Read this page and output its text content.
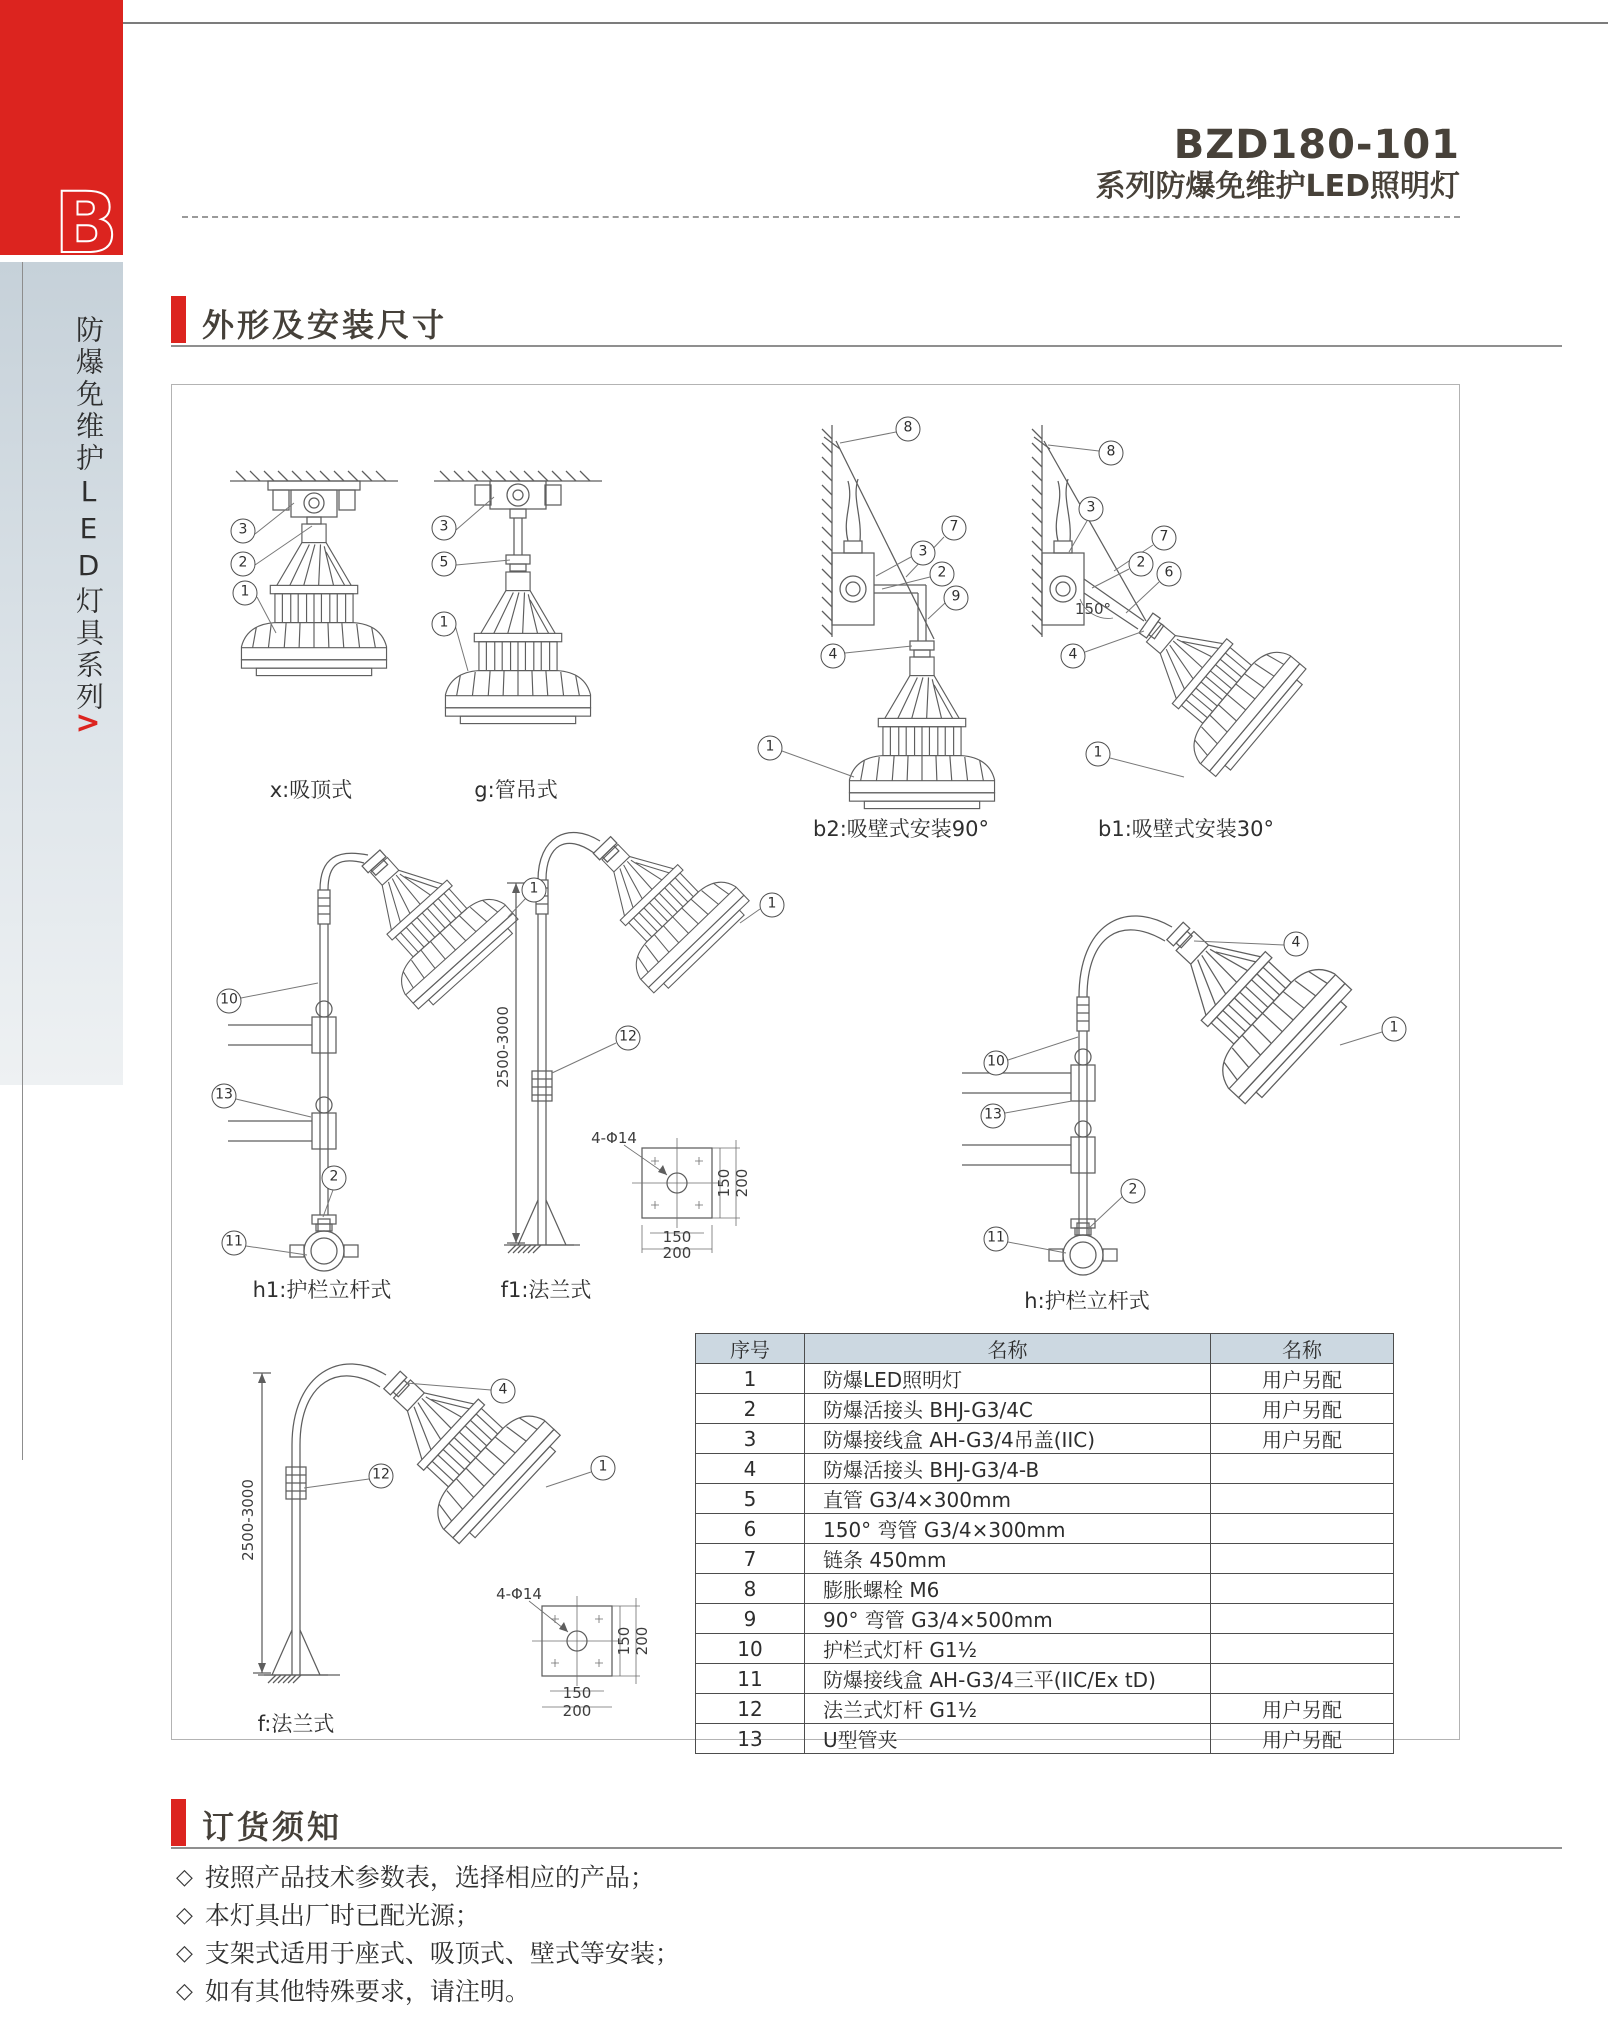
B
防爆免维护LED灯具系列
>
BZD180-101
系列防爆免维护LED照明灯
外形及安装尺寸
x:吸顶式
3
2
1
g:管吊式
3
5
1
b2:吸壁式安装90°
8
7
3
2
9
4
1
b1:吸壁式安装30°
8
3
7
2
6
4
1
150°
h1:护栏立杆式
1
10
13
2
11
f1:法兰式
1
12
2500-3000
4-Φ14
150 200
150
200
h:护栏立杆式
4
1
10
13
2
11
f:法兰式
4
1
12
2500-3000
4-Φ14
150 200
150
200
序号	名称	名称
1	防爆LED照明灯	用户另配
2	防爆活接头 BHJ-G3/4C	用户另配
3	防爆接线盒 AH-G3/4吊盖(IIC)	用户另配
4	防爆活接头 BHJ-G3/4-B	
5	直管 G3/4×300mm	
6	150° 弯管 G3/4×300mm	
7	链条 450mm	
8	膨胀螺栓 M6	
9	90° 弯管 G3/4×500mm	
10	护栏式灯杆 G1½	
11	防爆接线盒 AH-G3/4三平(IIC/Ex tD)	
12	法兰式灯杆 G1½	用户另配
13	U型管夹	用户另配
订货须知
◇ 按照产品技术参数表，选择相应的产品；
◇ 本灯具出厂时已配光源；
◇ 支架式适用于座式、吸顶式、壁式等安装；
◇ 如有其他特殊要求，请注明。
